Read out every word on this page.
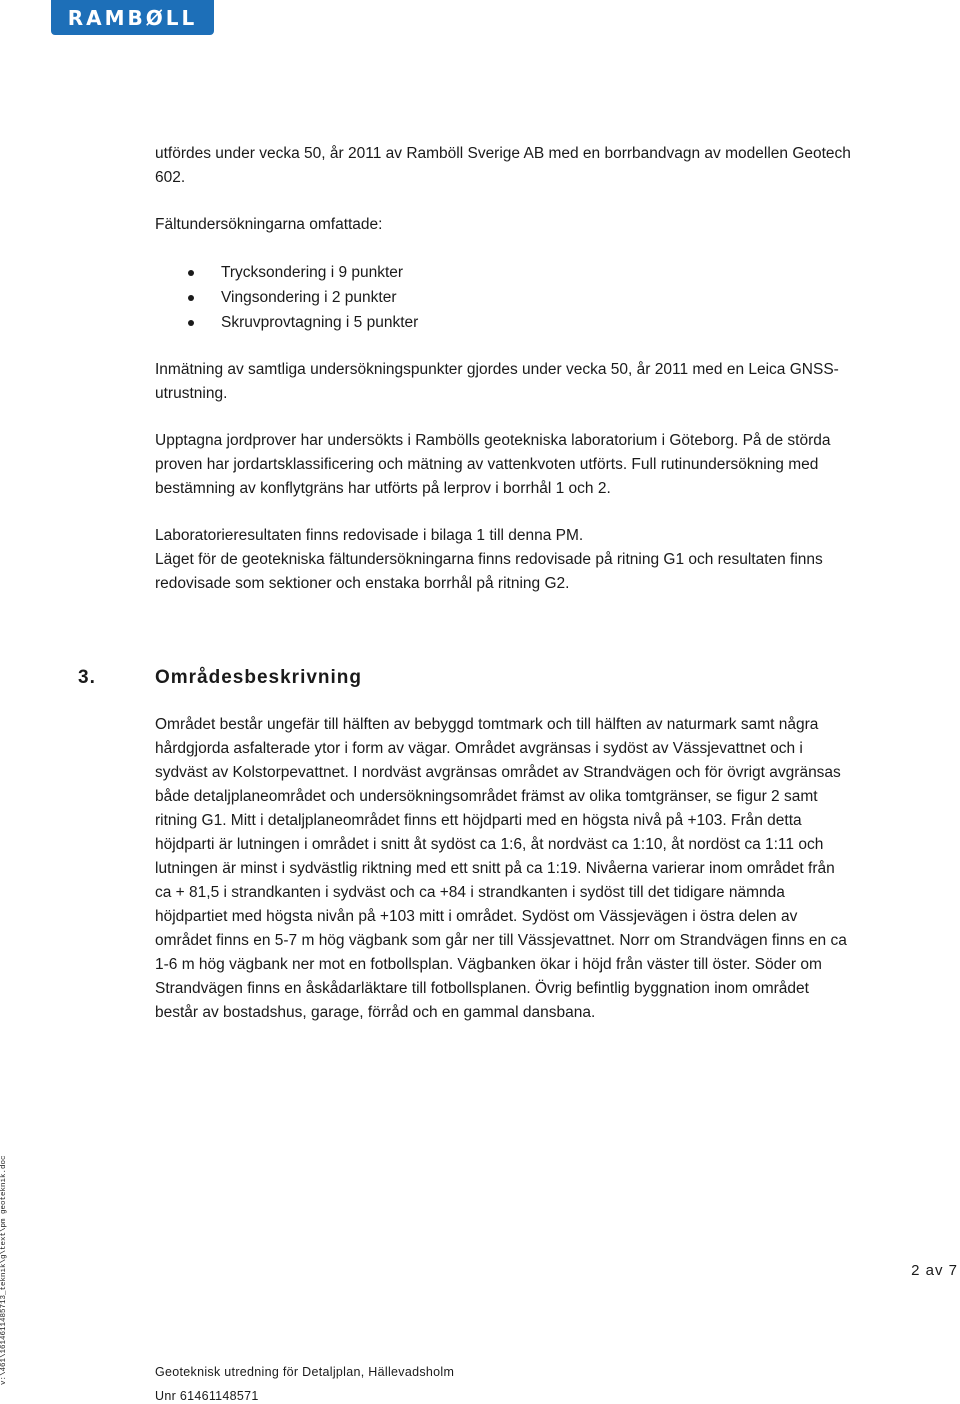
RAMBØLL

utfördes under vecka 50, år 2011 av Ramböll Sverige AB med en borrbandvagn av modellen Geotech 602.

Fältundersökningarna omfattade:

Trycksondering i 9 punkter
Vingsondering i 2 punkter
Skruvprovtagning i 5 punkter

Inmätning av samtliga undersökningspunkter gjordes under vecka 50, år 2011 med en Leica GNSS-utrustning.

Upptagna jordprover har undersökts i Rambölls geotekniska laboratorium i Göteborg. På de störda proven har jordartsklassificering och mätning av vattenkvoten utförts. Full rutinundersökning med bestämning av konflytgräns har utförts på lerprov i borrhål 1 och 2.

Laboratorieresultaten finns redovisade i bilaga 1 till denna PM.

Läget för de geotekniska fältundersökningarna finns redovisade på ritning G1 och resultaten finns redovisade som sektioner och enstaka borrhål på ritning G2.

3.	Områdesbeskrivning

Området består ungefär till hälften av bebyggd tomtmark och till hälften av naturmark samt några hårdgjorda asfalterade ytor i form av vägar. Området avgränsas i sydöst av Vässjevattnet och i sydväst av Kolstorpevattnet. I nordväst avgränsas området av Strandvägen och för övrigt avgränsas både detaljplaneområdet och undersökningsområdet främst av olika tomtgränser, se figur 2 samt ritning G1. Mitt i detaljplaneområdet finns ett höjdparti med en högsta nivå på +103. Från detta höjdparti är lutningen i området i snitt åt sydöst ca 1:6, åt nordväst ca 1:10, åt nordöst ca 1:11 och lutningen är minst i sydvästlig riktning med ett snitt på ca 1:19. Nivåerna varierar inom området från ca + 81,5 i strandkanten i sydväst och ca +84 i strandkanten i sydöst till det tidigare nämnda höjdpartiet med högsta nivån på +103 mitt i området. Sydöst om Vässjevägen i östra delen av området finns en 5-7 m hög vägbank som går ner till Vässjevattnet. Norr om Strandvägen finns en ca 1-6 m hög vägbank ner mot en fotbollsplan. Vägbanken ökar i höjd från väster till öster. Söder om Strandvägen finns en åskådarläktare till fotbollsplanen. Övrig befintlig byggnation inom området består av bostadshus, garage, förråd och en gammal dansbana.

v:\461\1614611485713_teknik\g\text\pm geoteknik.doc	2 av 7
Geoteknisk utredning för Detaljplan, Hällevadsholm
Unr 61461148571
